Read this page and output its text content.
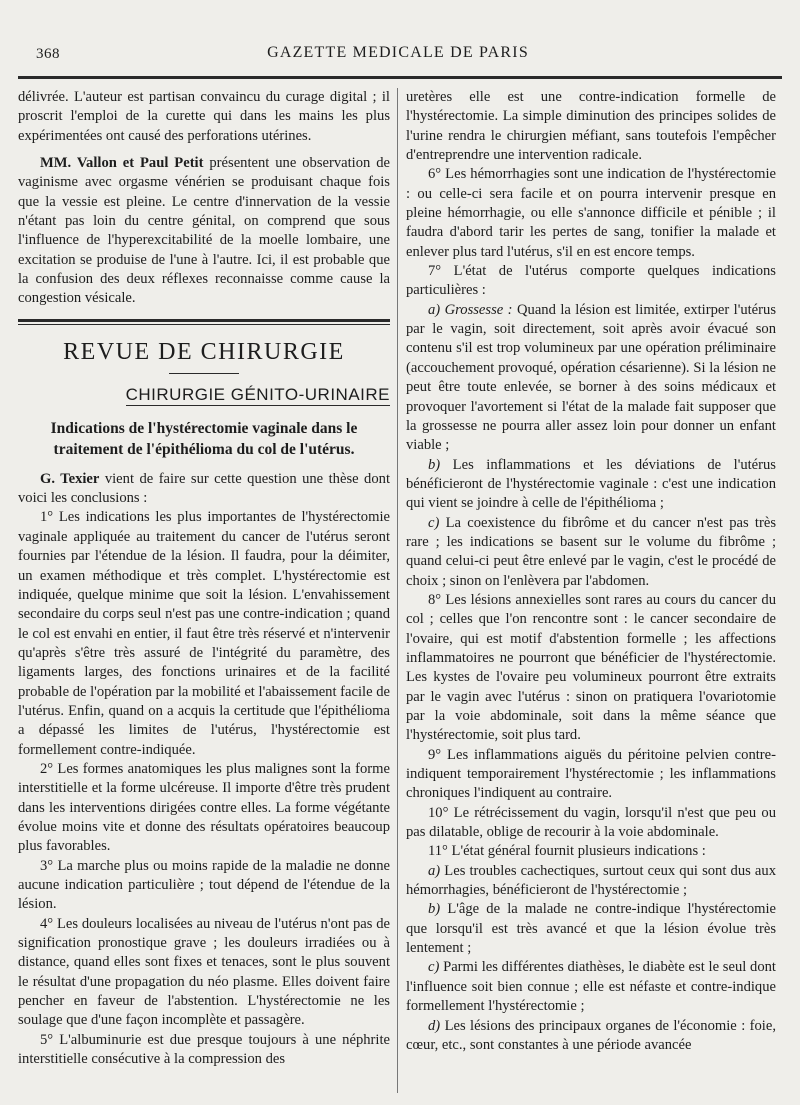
368	GAZETTE MEDICALE DE PARIS

délivrée. L'auteur est partisan convaincu du curage digital ; il proscrit l'emploi de la curette qui dans les mains les plus expérimentées ont causé des perforations utérines.

MM. Vallon et Paul Petit présentent une observation de vaginisme avec orgasme vénérien se produisant chaque fois que la vessie est pleine. Le centre d'innervation de la vessie n'étant pas loin du centre génital, on comprend que sous l'influence de l'hyperexcitabilité de la moelle lombaire, une excitation se produise de l'une à l'autre. Ici, il est probable que la confusion des deux réflexes reconnaisse comme cause la congestion vésicale.

REVUE DE CHIRURGIE
CHIRURGIE GÉNITO-URINAIRE
Indications de l'hystérectomie vaginale dans le traitement de l'épithélioma du col de l'utérus.

G. Texier vient de faire sur cette question une thèse dont voici les conclusions :

1° Les indications les plus importantes de l'hystérectomie vaginale appliquée au traitement du cancer de l'utérus seront fournies par l'étendue de la lésion. Il faudra, pour la déimiter, un examen méthodique et très complet. L'hystérectomie est indiquée, quelque minime que soit la lésion. L'envahissement secondaire du corps seul n'est pas une contre-indication ; quand le col est envahi en entier, il faut être très réservé et n'intervenir qu'après s'être très assuré de l'intégrité du paramètre, des ligaments larges, des fonctions urinaires et de la facilité probable de l'opération par la mobilité et l'abaissement facile de l'utérus. Enfin, quand on a acquis la certitude que l'épithélioma a dépassé les limites de l'utérus, l'hystérectomie est formellement contre-indiquée.

2° Les formes anatomiques les plus malignes sont la forme interstitielle et la forme ulcéreuse. Il importe d'être très prudent dans les interventions dirigées contre elles. La forme végétante évolue moins vite et donne des résultats opératoires beaucoup plus favorables.

3° La marche plus ou moins rapide de la maladie ne donne aucune indication particulière ; tout dépend de l'étendue de la lésion.

4° Les douleurs localisées au niveau de l'utérus n'ont pas de signification pronostique grave ; les douleurs irradiées ou à distance, quand elles sont fixes et tenaces, sont le plus souvent le résultat d'une propagation du néo plasme. Elles doivent faire pencher en faveur de l'abstention. L'hystérectomie ne les soulage que d'une façon incomplète et passagère.

5° L'albuminurie est due presque toujours à une néphrite interstitielle consécutive à la compression des

uretères elle est une contre-indication formelle de l'hystérectomie. La simple diminution des principes solides de l'urine rendra le chirurgien méfiant, sans toutefois l'empêcher d'entreprendre une intervention radicale.

6° Les hémorrhagies sont une indication de l'hystérectomie : ou celle-ci sera facile et on pourra intervenir presque en pleine hémorrhagie, ou elle s'annonce difficile et pénible ; il faudra d'abord tarir les pertes de sang, tonifier la malade et enlever plus tard l'utérus, s'il en est encore temps.

7° L'état de l'utérus comporte quelques indications particulières :

a) Grossesse : Quand la lésion est limitée, extirper l'utérus par le vagin, soit directement, soit après avoir évacué son contenu s'il est trop volumineux par une opération préliminaire (accouchement provoqué, opération césarienne). Si la lésion ne peut être toute enlevée, se borner à des soins médicaux et provoquer l'avortement si l'état de la malade fait supposer que la grossesse ne pourra aller assez loin pour donner un enfant viable ;

b) Les inflammations et les déviations de l'utérus bénéficieront de l'hystérectomie vaginale : c'est une indication qui vient se joindre à celle de l'épithélioma ;

c) La coexistence du fibrôme et du cancer n'est pas très rare ; les indications se basent sur le volume du fibrôme ; quand celui-ci peut être enlevé par le vagin, c'est le procédé de choix ; sinon on l'enlèvera par l'abdomen.

8° Les lésions annexielles sont rares au cours du cancer du col ; celles que l'on rencontre sont : le cancer secondaire de l'ovaire, qui est motif d'abstention formelle ; les affections inflammatoires ne pourront que bénéficier de l'hystérectomie. Les kystes de l'ovaire peu volumineux pourront être extraits par le vagin avec l'utérus : sinon on pratiquera l'ovariotomie par la voie abdominale, soit dans la même séance que l'hystérectomie, soit plus tard.

9° Les inflammations aiguës du péritoine pelvien contre-indiquent temporairement l'hystérectomie ; les inflammations chroniques l'indiquent au contraire.

10° Le rétrécissement du vagin, lorsqu'il n'est que peu ou pas dilatable, oblige de recourir à la voie abdominale.

11° L'état général fournit plusieurs indications :

a) Les troubles cachectiques, surtout ceux qui sont dus aux hémorrhagies, bénéficieront de l'hystérectomie ;

b) L'âge de la malade ne contre-indique l'hystérectomie que lorsqu'il est très avancé et que la lésion évolue très lentement ;

c) Parmi les différentes diathèses, le diabète est le seul dont l'influence soit bien connue ; elle est néfaste et contre-indique formellement l'hystérectomie ;

d) Les lésions des principaux organes de l'économie : foie, cœur, etc., sont constantes à une période avancée
